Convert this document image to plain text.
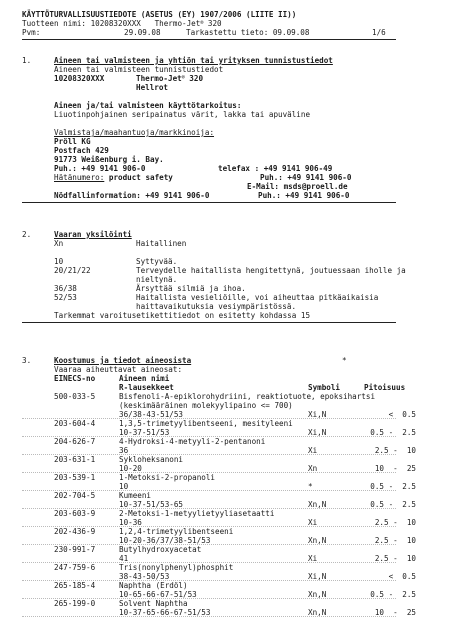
KÄYTTÖTURVALLISUUSTIEDOTE (ASETUS (EY) 1907/2006 (LIITE II))
Tuotteen nimi: 10208320XXX Thermo-Jet® 320
Pvm:	29.09.08	Tarkastettu tieto: 09.09.08	1/6
1.	Aineen tai valmisteen ja yhtiön tai yrityksen tunnistustiedot
Aineen tai valmisteen tunnistustiedot
10208320XXX	Thermo-Jet® 320
Hellrot
Aineen ja/tai valmisteen käyttötarkoitus:
Liuotinpohjainen seripainatus värit, lakka tai apuväline
Valmistaja/maahantuoja/markkinoija:
Pröll KG
Postfach 429
91773 Weißenburg i. Bay.
Puh.: +49 9141 906-0	telefax : +49 9141 906-49
Hätänumero: product safety	Puh.: +49 9141 906-0
E-Mail: msds@proell.de
Nödfallinformation: +49 9141 906-0	Puh.: +49 9141 906-0
2.	Vaaran yksilöinti
Xn	Haitallinen
10	Syttyvää.
20/21/22	Terveydelle haitallista hengitettynä, joutuessaan iholle ja
nieltynä.
36/38	Ärsyttää silmiä ja ihoa.
52/53	Haitallista vesieliöille, voi aiheuttaa pitkäaikaisia
haittavaikutuksia vesiympäristössä.
Tarkemmat varoitusetikettitiedot on esitetty kohdassa 15
3.	Koostumus ja tiedot aineosista	*
Vaaraa aiheuttavat aineosat:
EINECS-no	Aineen nimi
R-lausekkeet	Symboli	Pitoisuus
500-033-5	Bisfenoli-A-epiklorohydriini, reaktiotuote, epoksihartsi
(keskimääräinen molekyylipaino <= 700)
36/38-43-51/53	Xi,N	<  0.5
203-604-4	1,3,5-trimetyylibentseeni, mesityleeni
10-37-51/53	Xi,N	0.5 -  2.5
204-626-7	4-Hydroksi-4-metyyli-2-pentanoni
36	Xi	2.5 -  10
203-631-1	Sykloheksanoni
10-20	Xn	10  -  25
203-539-1	1-Metoksi-2-propanoli
10	*	0.5 -  2.5
202-704-5	Kumeeni
10-37-51/53-65	Xn,N	0.5 -  2.5
203-603-9	2-Metoksi-1-metyylietyyliasetaatti
10-36	Xi	2.5 -  10
202-436-9	1,2,4-trimetyylibentseeni
10-20-36/37/38-51/53	Xn,N	2.5 -  10
230-991-7	Butylhydroxyacetat
41	Xi	2.5 -  10
247-759-6	Tris(nonylphenyl)phosphit
38-43-50/53	Xi,N	<  0.5
265-185-4	Naphtha (Erdöl)
10-65-66-67-51/53	Xn,N	0.5 -  2.5
265-199-0	Solvent Naphtha
10-37-65-66-67-51/53	Xn,N	10  -  25
